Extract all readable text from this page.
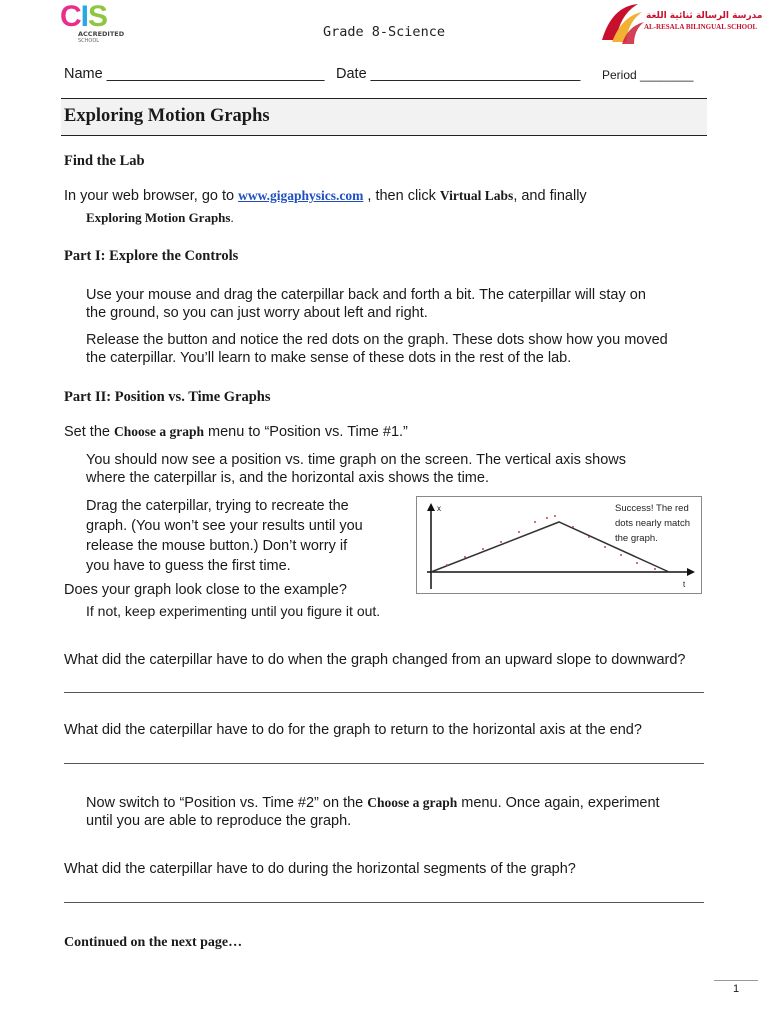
CIS
ACCREDITED
SCHOOL
Grade 8-Science
مدرسة الرسالة ثنائية اللغة
AL-RESALA BILINGUAL SCHOOL
Name ___________________________ Date __________________________ Period ________
Exploring Motion Graphs
Find the Lab
In your web browser, go to www.gigaphysics.com , then click Virtual Labs, and finally
Exploring Motion Graphs.
Part I: Explore the Controls
Use your mouse and drag the caterpillar back and forth a bit. The caterpillar will stay on
the ground, so you can just worry about left and right.
Release the button and notice the red dots on the graph. These dots show how you moved
the caterpillar. You’ll learn to make sense of these dots in the rest of the lab.
Part II: Position vs. Time Graphs
Set the Choose a graph menu to “Position vs. Time #1.”
You should now see a position vs. time graph on the screen. The vertical axis shows
where the caterpillar is, and the horizontal axis shows the time.
Drag the caterpillar, trying to recreate the
graph. (You won’t see your results until you
release the mouse button.) Don’t worry if
you have to guess the first time.
Does your graph look close to the example?
If not, keep experimenting until you figure it out.
x
t
Success! The red
dots nearly match
the graph.
What did the caterpillar have to do when the graph changed from an upward slope to downward?
What did the caterpillar have to do for the graph to return to the horizontal axis at the end?
Now switch to “Position vs. Time #2” on the Choose a graph menu. Once again, experiment
until you are able to reproduce the graph.
What did the caterpillar have to do during the horizontal segments of the graph?
Continued on the next page…
1
